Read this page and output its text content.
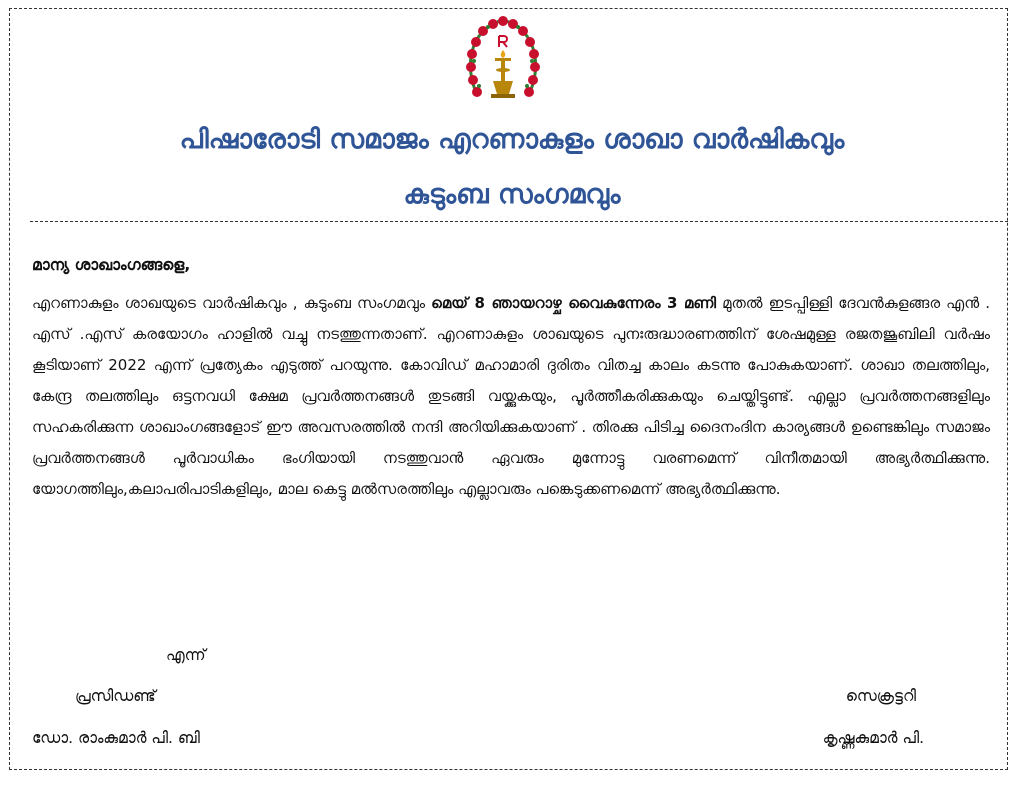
പിഷാരോടി സമാജം എറണാകുളം ശാഖാ വാർഷികവും
കുടുംബ സംഗമവും

മാന്യ ശാഖാംഗങ്ങളെ,

എറണാകുളം ശാഖയുടെ വാർഷികവും , കുടുംബ സംഗമവും മെയ് 8 ഞായറാഴ്ച വൈകുന്നേരം 3 മണി മുതൽ ഇടപ്പിള്ളി ദേവൻകുളങ്ങര എൻ . എസ് .എസ് കരയോഗം ഹാളിൽ വച്ചു നടത്തുന്നതാണ്. എറണാകുളം ശാഖയുടെ പുനഃരുദ്ധാരണത്തിന് ശേഷമുള്ള രജതജൂബിലി വർഷം കൂടിയാണ് 2022 എന്ന് പ്രത്യേകം എടുത്ത് പറയുന്നു. കോവിഡ് മഹാമാരി ദുരിതം വിതച്ച കാലം കടന്നു പോകുകയാണ്. ശാഖാ തലത്തിലും, കേന്ദ്ര തലത്തിലും ഒട്ടനവധി ക്ഷേമ പ്രവർത്തനങ്ങൾ തുടങ്ങി വയ്ക്കുകയും, പൂർത്തീകരിക്കുകയും ചെയ്തിട്ടുണ്ട്. എല്ലാ പ്രവർത്തനങ്ങളിലും സഹകരിക്കുന്ന ശാഖാംഗങ്ങളോട് ഈ അവസരത്തിൽ നന്ദി അറിയിക്കുകയാണ് . തിരക്കു പിടിച്ച ദൈനംദിന കാര്യങ്ങൾ ഉണ്ടെങ്കിലും സമാജം പ്രവർത്തനങ്ങൾ പൂർവാധികം ഭംഗിയായി നടത്തുവാൻ ഏവരും മുന്നോട്ടു വരണമെന്ന് വിനീതമായി അഭ്യർത്ഥിക്കുന്നു. യോഗത്തിലും,കലാപരിപാടികളിലും, മാല കെട്ടു മൽസരത്തിലും എല്ലാവരും പങ്കെടുക്കണമെന്ന് അഭ്യർത്ഥിക്കുന്നു.

എന്ന്

പ്രസിഡണ്ട്

ഡോ. രാംകുമാർ പി. ബി

സെക്രട്ടറി

കൃഷ്ണകുമാർ പി.
